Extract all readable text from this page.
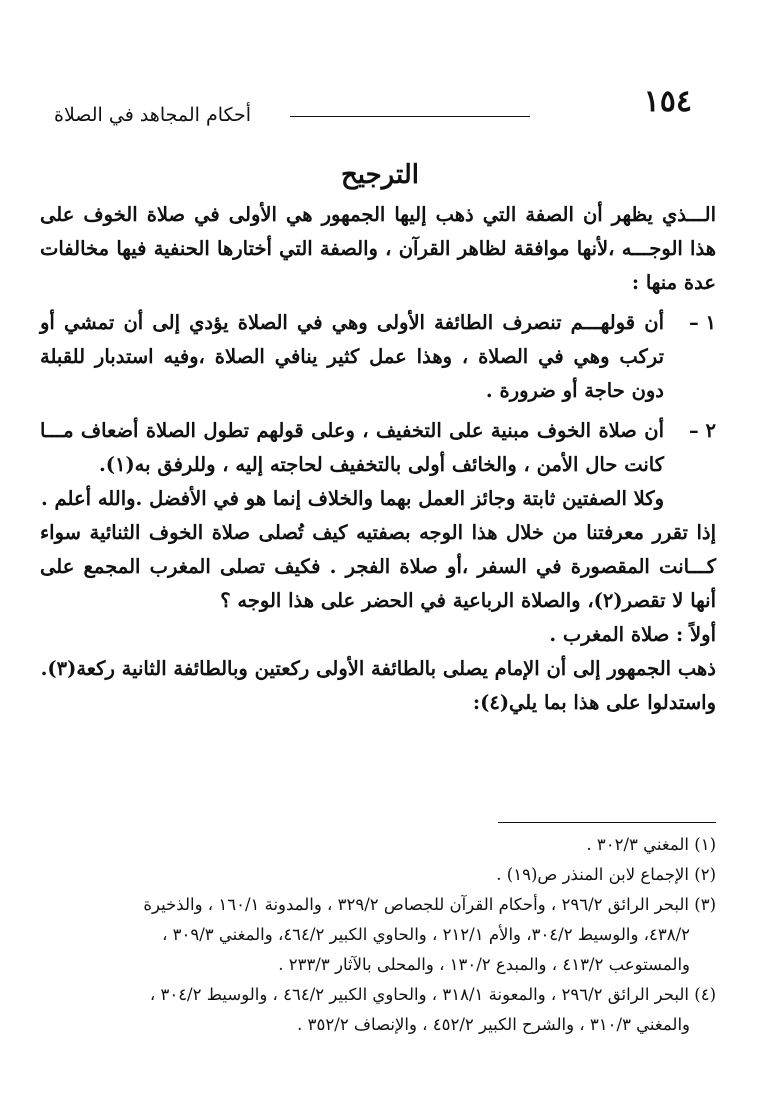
١٥٤
أحكام المجاهد في الصلاة
الترجيح

الـــذي يظهر أن الصفة التي ذهب إليها الجمهور هي الأولى في صلاة الخوف على هذا الوجـــه ،لأنها موافقة لظاهر القرآن ، والصفة التي أختارها الحنفية فيها مخالفات عدة منها :

١ –
أن قولهـــم تنصرف الطائفة الأولى وهي في الصلاة يؤدي إلى أن تمشي أو تركب وهي في الصلاة ، وهذا عمل كثير ينافي الصلاة ،وفيه استدبار للقبلة دون حاجة أو ضرورة .
٢ –
أن صلاة الخوف مبنية على التخفيف ، وعلى قولهم تطول الصلاة أضعاف مـــا كانت حال الأمن ، والخائف أولى بالتخفيف لحاجته إليه ، وللرفق به(١).

وكلا الصفتين ثابتة وجائز العمل بهما والخلاف إنما هو في الأفضل .والله أعلم .

إذا تقرر معرفتنا من خلال هذا الوجه بصفتيه كيف تُصلى صلاة الخوف الثنائية سواء كـــانت المقصورة في السفر ،أو صلاة الفجر . فكيف تصلى المغرب المجمع على أنها لا تقصر(٢)، والصلاة الرباعية في الحضر على هذا الوجه ؟

أولاً : صلاة المغرب .

ذهب الجمهور إلى أن الإمام يصلى بالطائفة الأولى ركعتين وبالطائفة الثانية ركعة(٣).

واستدلوا على هذا بما يلي(٤):

(١) المغني ٣٠٢/٣ .

(٢) الإجماع لابن المنذر ص(١٩) .

(٣) البحر الرائق ٢٩٦/٢ ، وأحكام القرآن للجصاص ٣٢٩/٢ ، والمدونة ١٦٠/١ ، والذخيرة

٤٣٨/٢، والوسيط ٣٠٤/٢، والأم ٢١٢/١ ، والحاوي الكبير ٤٦٤/٢، والمغني ٣٠٩/٣ ،

والمستوعب ٤١٣/٢ ، والمبدع ١٣٠/٢ ، والمحلى بالآثار ٢٣٣/٣ .

(٤) البحر الرائق ٢٩٦/٢ ، والمعونة ٣١٨/١ ، والحاوي الكبير ٤٦٤/٢ ، والوسيط ٣٠٤/٢ ،

والمغني ٣١٠/٣ ، والشرح الكبير ٤٥٢/٢ ، والإنصاف ٣٥٢/٢ .
